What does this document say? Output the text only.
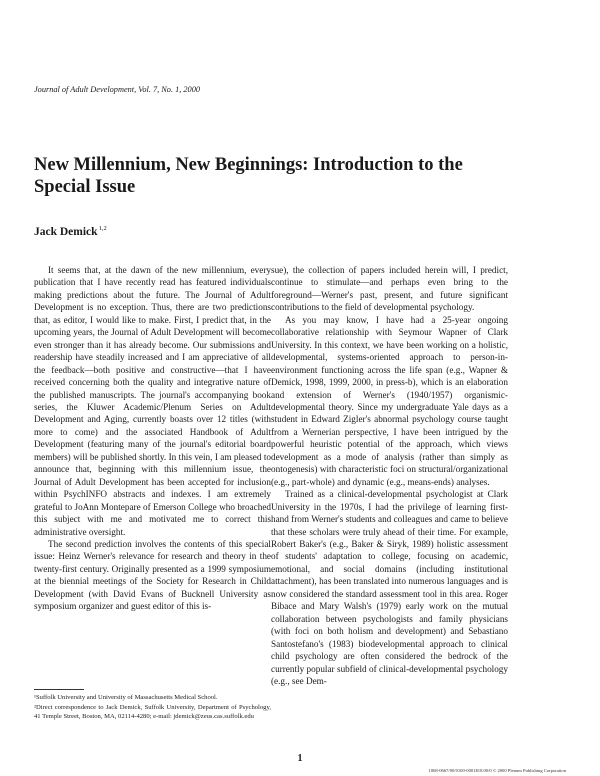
Journal of Adult Development, Vol. 7, No. 1, 2000
New Millennium, New Beginnings: Introduction to the Special Issue
Jack Demick$^{1,2}$

It seems that, at the dawn of the new millennium, every publication that I have recently read has featured individuals making predictions about the future. The Journal of Adult Development is no exception. Thus, there are two predictions that, as editor, I would like to make. First, I predict that, in the upcoming years, the Journal of Adult Development will become even stronger than it has already become. Our submissions and readership have steadily increased and I am appreciative of all the feedback—both positive and constructive—that I have received concerning both the quality and integrative nature of the published manuscripts. The journal's accompanying book series, the Kluwer Academic/Plenum Series on Adult Development and Aging, currently boasts over 12 titles (with more to come) and the associated Handbook of Adult Development (featuring many of the journal's editorial board members) will be published shortly. In this vein, I am pleased to announce that, beginning with this millennium issue, the Journal of Adult Development has been accepted for inclusion within PsychINFO abstracts and indexes. I am extremely grateful to JoAnn Montepare of Emerson College who broached this subject with me and motivated me to correct this administrative oversight.

The second prediction involves the contents of this special issue: Heinz Werner's relevance for research and theory in the twenty-first century. Originally presented as a 1999 symposium at the biennial meetings of the Society for Research in Child Development (with David Evans of Bucknell University as symposium organizer and guest editor of this is-

sue), the collection of papers included herein will, I predict, continue to stimulate—and perhaps even bring to the foreground—Werner's past, present, and future significant contributions to the field of developmental psychology.

As you may know, I have had a 25-year ongoing collaborative relationship with Seymour Wapner of Clark University. In this context, we have been working on a holistic, developmental, systems-oriented approach to person-in-environment functioning across the life span (e.g., Wapner & Demick, 1998, 1999, 2000, in press-b), which is an elaboration and extension of Werner's (1940/1957) organismic-developmental theory. Since my undergraduate Yale days as a student in Edward Zigler's abnormal psychology course taught from a Wernerian perspective, I have been intrigued by the powerful heuristic potential of the approach, which views development as a mode of analysis (rather than simply as ontogenesis) with characteristic foci on structural/organizational (e.g., part-whole) and dynamic (e.g., means-ends) analyses.

Trained as a clinical-developmental psychologist at Clark University in the 1970s, I had the privilege of learning first-hand from Werner's students and colleagues and came to believe that these scholars were truly ahead of their time. For example, Robert Baker's (e.g., Baker & Siryk, 1989) holistic assessment of students' adaptation to college, focusing on academic, emotional, and social domains (including institutional attachment), has been translated into numerous languages and is now considered the standard assessment tool in this area. Roger Bibace and Mary Walsh's (1979) early work on the mutual collaboration between psychologists and family physicians (with foci on both holism and development) and Sebastiano Santostefano's (1983) biodevelopmental approach to clinical child psychology are often considered the bedrock of the currently popular subfield of clinical-developmental psychology (e.g., see Dem-

¹Suffolk University and University of Massachusetts Medical School.

²Direct correspondence to Jack Demick, Suffolk University, Department of Psychology, 41 Temple Street, Boston, MA, 02114-4280; e-mail: jdemick@zeus.cas.suffolk.edu

1
1068-0667/00/0100-0001$18.00/0 © 2000 Plenum Publishing Corporation
